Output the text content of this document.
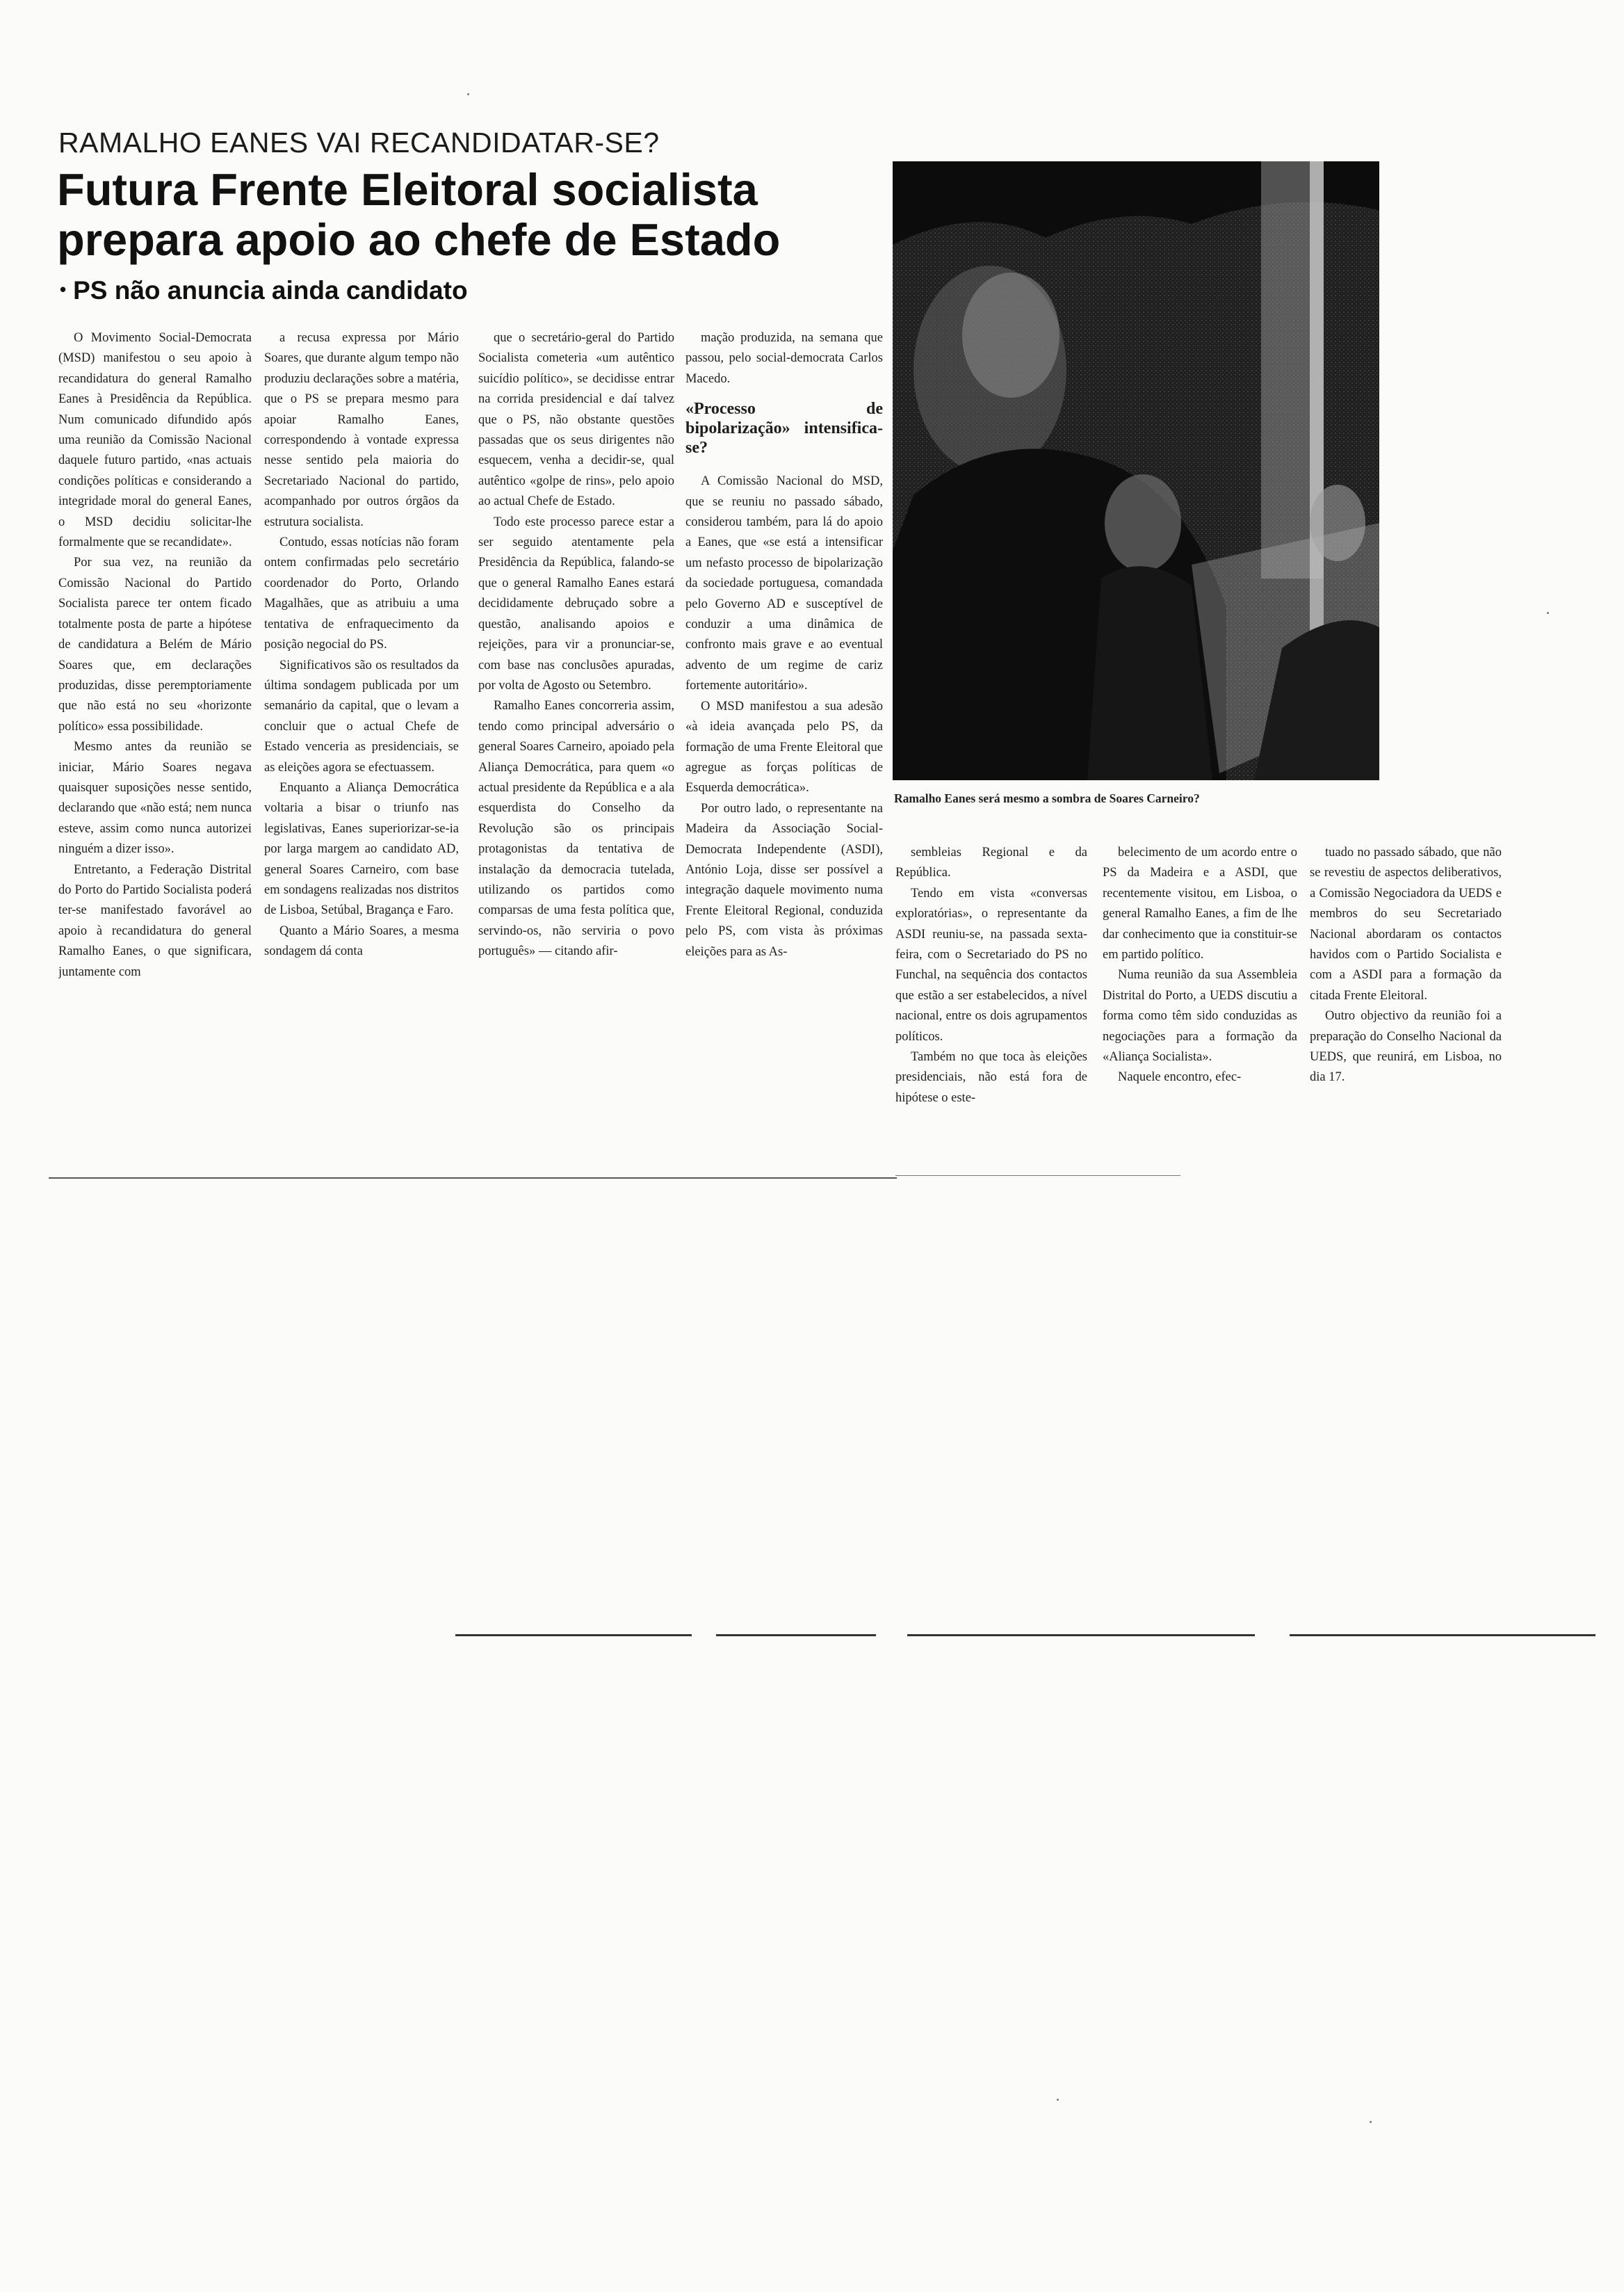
RAMALHO EANES VAI RECANDIDATAR-SE?
Futura Frente Eleitoral socialista prepara apoio ao chefe de Estado
• PS não anuncia ainda candidato
Ramalho Eanes será mesmo a sombra de Soares Carneiro?

O Movimento Social-Democrata (MSD) manifestou o seu apoio à recandidatura do general Ramalho Eanes à Presidência da República. Num comunicado difundido após uma reunião da Comissão Nacional daquele futuro partido, «nas actuais condições políticas e considerando a integridade moral do general Eanes, o MSD decidiu solicitar-lhe formalmente que se recandidate».

Por sua vez, na reunião da Comissão Nacional do Partido Socialista parece ter ontem ficado totalmente posta de parte a hipótese de candidatura a Belém de Mário Soares que, em declarações produzidas, disse peremptoriamente que não está no seu «horizonte político» essa possibilidade.

Mesmo antes da reunião se iniciar, Mário Soares negava quaisquer suposições nesse sentido, declarando que «não está; nem nunca esteve, assim como nunca autorizei ninguém a dizer isso».

Entretanto, a Federação Distrital do Porto do Partido Socialista poderá ter-se manifestado favorável ao apoio à recandidatura do general Ramalho Eanes, o que significara, juntamente com

a recusa expressa por Mário Soares, que durante algum tempo não produziu declarações sobre a matéria, que o PS se prepara mesmo para apoiar Ramalho Eanes, correspondendo à vontade expressa nesse sentido pela maioria do Secretariado Nacional do partido, acompanhado por outros órgãos da estrutura socialista.

Contudo, essas notícias não foram ontem confirmadas pelo secretário coordenador do Porto, Orlando Magalhães, que as atribuiu a uma tentativa de enfraquecimento da posição negocial do PS.

Significativos são os resultados da última sondagem publicada por um semanário da capital, que o levam a concluir que o actual Chefe de Estado venceria as presidenciais, se as eleições agora se efectuassem.

Enquanto a Aliança Democrática voltaria a bisar o triunfo nas legislativas, Eanes superiorizar-se-ia por larga margem ao candidato AD, general Soares Carneiro, com base em sondagens realizadas nos distritos de Lisboa, Setúbal, Bragança e Faro.

Quanto a Mário Soares, a mesma sondagem dá conta

que o secretário-geral do Partido Socialista cometeria «um autêntico suicídio político», se decidisse entrar na corrida presidencial e daí talvez que o PS, não obstante questões passadas que os seus dirigentes não esquecem, venha a decidir-se, qual autêntico «golpe de rins», pelo apoio ao actual Chefe de Estado.

Todo este processo parece estar a ser seguido atentamente pela Presidência da República, falando-se que o general Ramalho Eanes estará decididamente debruçado sobre a questão, analisando apoios e rejeições, para vir a pronunciar-se, com base nas conclusões apuradas, por volta de Agosto ou Setembro.

Ramalho Eanes concorreria assim, tendo como principal adversário o general Soares Carneiro, apoiado pela Aliança Democrática, para quem «o actual presidente da República e a ala esquerdista do Conselho da Revolução são os principais protagonistas da tentativa de instalação da democracia tutelada, utilizando os partidos como comparsas de uma festa política que, servindo-os, não serviria o povo português» — citando afir-

mação produzida, na semana que passou, pelo social-democrata Carlos Macedo.

«Processo de bipolarização» intensifica-se?

A Comissão Nacional do MSD, que se reuniu no passado sábado, considerou também, para lá do apoio a Eanes, que «se está a intensificar um nefasto processo de bipolarização da sociedade portuguesa, comandada pelo Governo AD e susceptível de conduzir a uma dinâmica de confronto mais grave e ao eventual advento de um regime de cariz fortemente autoritário».

O MSD manifestou a sua adesão «à ideia avançada pelo PS, da formação de uma Frente Eleitoral que agregue as forças políticas de Esquerda democrática».

Por outro lado, o representante na Madeira da Associação Social-Democrata Independente (ASDI), António Loja, disse ser possível a integração daquele movimento numa Frente Eleitoral Regional, conduzida pelo PS, com vista às próximas eleições para as As-

sembleias Regional e da República.

Tendo em vista «conversas exploratórias», o representante da ASDI reuniu-se, na passada sexta-feira, com o Secretariado do PS no Funchal, na sequência dos contactos que estão a ser estabelecidos, a nível nacional, entre os dois agrupamentos políticos.

Também no que toca às eleições presidenciais, não está fora de hipótese o este-

belecimento de um acordo entre o PS da Madeira e a ASDI, que recentemente visitou, em Lisboa, o general Ramalho Eanes, a fim de lhe dar conhecimento que ia constituir-se em partido político.

Numa reunião da sua Assembleia Distrital do Porto, a UEDS discutiu a forma como têm sido conduzidas as negociações para a formação da «Aliança Socialista».

Naquele encontro, efec-

tuado no passado sábado, que não se revestiu de aspectos deliberativos, a Comissão Negociadora da UEDS e membros do seu Secretariado Nacional abordaram os contactos havidos com o Partido Socialista e com a ASDI para a formação da citada Frente Eleitoral.

Outro objectivo da reunião foi a preparação do Conselho Nacional da UEDS, que reunirá, em Lisboa, no dia 17.
